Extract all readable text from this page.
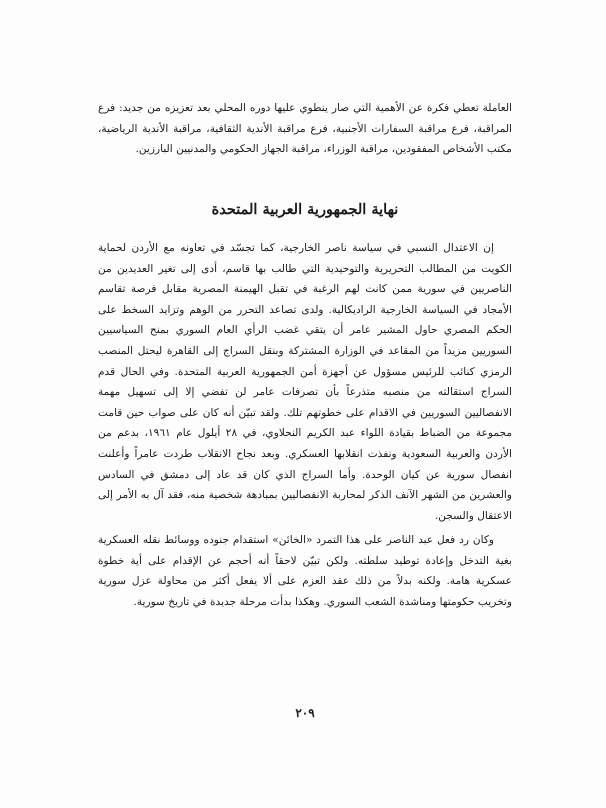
العاملة تعطي فكرة عن الأهمية التي صار ينطوي عليها دوره المحلي بعد تعزيزه من جديد: فرع المراقبة، فرع مراقبة السفارات الأجنبية، فرع مراقبة الأندية الثقافية، مراقبة الأندية الرياضية، مكتب الأشخاص المفقودين، مراقبة الوزراء، مراقبة الجهاز الحكومي والمدنيين البارزين.

نهاية الجمهورية العربية المتحدة

إن الاعتدال النسبي في سياسة ناصر الخارجية، كما تجسّد في تعاونه مع الأردن لحماية الكويت من المطالب التحريرية والتوحيدية التي طالب بها قاسم، أدى إلى تغير العديدين من الناصريين في سورية ممن كانت لهم الرغبة في تقبل الهيمنة المصرية مقابل فرصة تقاسم الأمجاد في السياسة الخارجية الراديكالية. ولدى تصاعد التحرر من الوهم وتزايد السخط على الحكم المصري حاول المشير عامر أن يتقي غضب الرأي العام السوري بمنح السياسيين السوريين مزيداً من المقاعد في الوزارة المشتركة وبنقل السراج إلى القاهرة ليحتل المنصب الرمزي كنائب للرئيس مسؤول عن أجهزة أمن الجمهورية العربية المتحدة. وفي الحال قدم السراج استقالته من منصبه متذرعاً بأن تصرفات عامر لن تفضي إلا إلى تسهيل مهمة الانفصاليين السوريين في الاقدام على خطوتهم تلك. ولقد تبيّن أنه كان على صواب حين قامت مجموعة من الضباط بقيادة اللواء عبد الكريم النحلاوي، في ٢٨ أيلول عام ١٩٦١، بدعم من الأردن والعربية السعودية ونفذت انقلابها العسكري. وبعد نجاح الانقلاب طردت عامراً وأعلنت انفصال سورية عن كيان الوحدة. وأما السراج الذي كان قد عاد إلى دمشق في السادس والعشرين من الشهر الآنف الذكر لمحاربة الانفصاليين بمبادهة شخصية منه، فقد آل به الأمر إلى الاعتقال والسجن.

وكان رد فعل عبد الناصر على هذا التمرد «الخائن» استقدام جنوده ووسائط نقله العسكرية بغية التدخل وإعادة توطيد سلطته. ولكن تبيّن لاحقاً أنه أحجم عن الإقدام على أية خطوة عسكرية هامة. ولكنه بدلاً من ذلك عقد العزم على ألا يفعل أكثر من محاولة عزل سورية وتخريب حكومتها ومناشدة الشعب السوري. وهكذا بدأت مرحلة جديدة في تاريخ سورية.

٢٠٩
